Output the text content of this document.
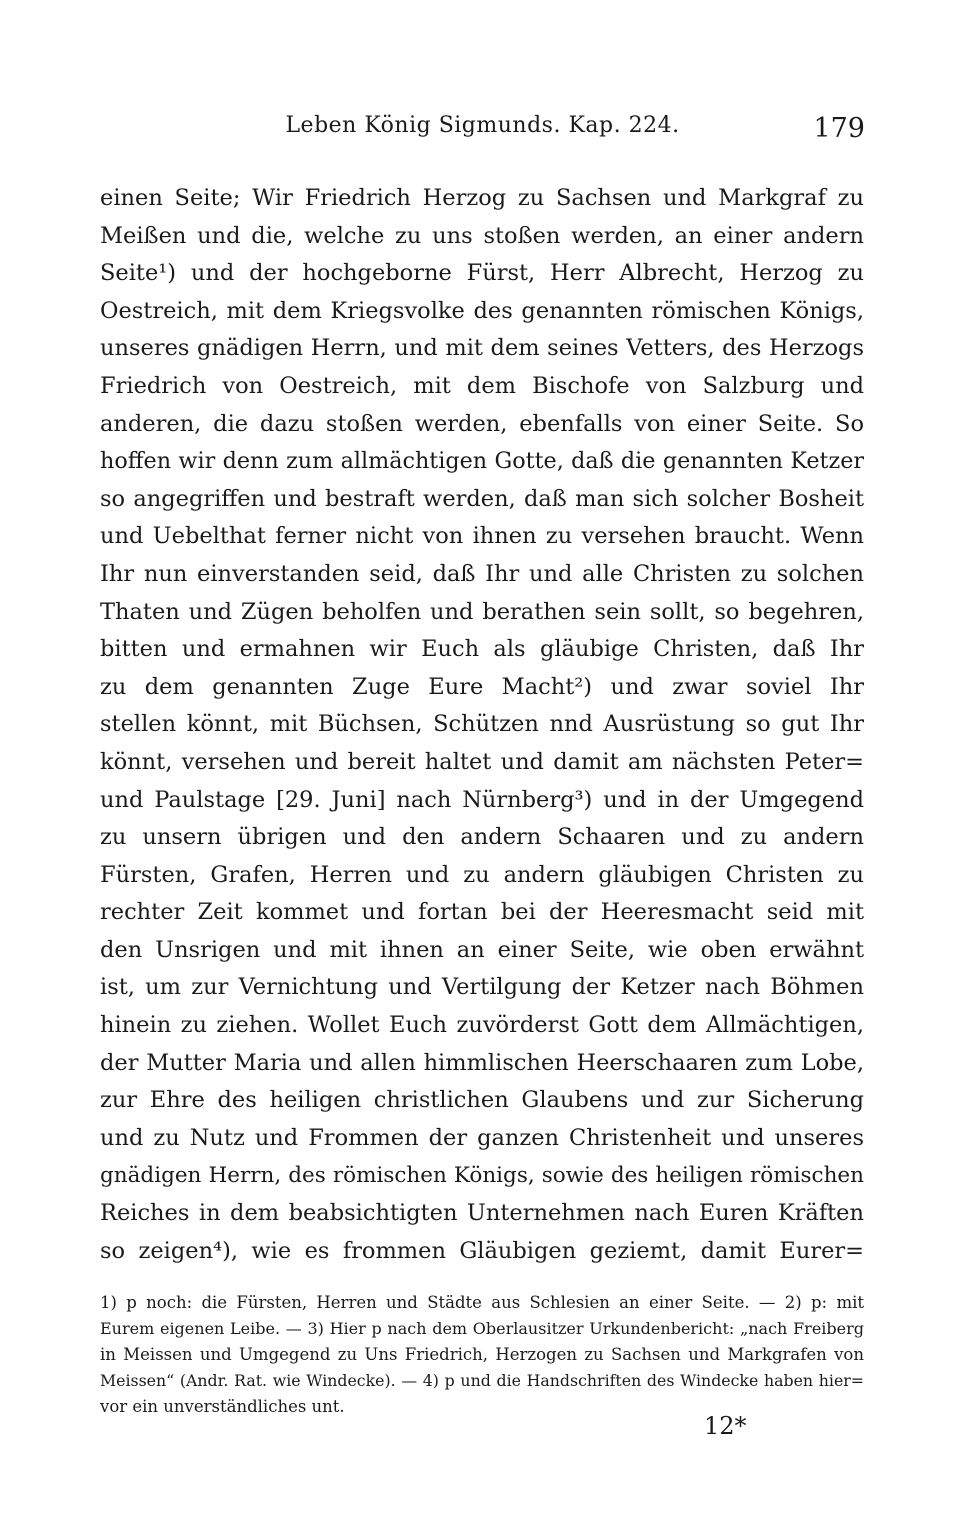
Leben König Sigmunds. Kap. 224.	179
einen Seite; Wir Friedrich Herzog zu Sachsen und Markgraf zu
Meißen und die, welche zu uns stoßen werden, an einer andern
Seite¹) und der hochgeborne Fürst, Herr Albrecht, Herzog zu
Oestreich, mit dem Kriegsvolke des genannten römischen Königs,
unseres gnädigen Herrn, und mit dem seines Vetters, des Herzogs
Friedrich von Oestreich, mit dem Bischofe von Salzburg und
anderen, die dazu stoßen werden, ebenfalls von einer Seite. So
hoffen wir denn zum allmächtigen Gotte, daß die genannten Ketzer
so angegriffen und bestraft werden, daß man sich solcher Bosheit
und Uebelthat ferner nicht von ihnen zu versehen braucht. Wenn
Ihr nun einverstanden seid, daß Ihr und alle Christen zu solchen
Thaten und Zügen beholfen und berathen sein sollt, so begehren,
bitten und ermahnen wir Euch als gläubige Christen, daß Ihr
zu dem genannten Zuge Eure Macht²) und zwar soviel Ihr
stellen könnt, mit Büchsen, Schützen nnd Ausrüstung so gut Ihr
könnt, versehen und bereit haltet und damit am nächsten Peter=
und Paulstage [29. Juni] nach Nürnberg³) und in der Umgegend
zu unsern übrigen und den andern Schaaren und zu andern
Fürsten, Grafen, Herren und zu andern gläubigen Christen zu
rechter Zeit kommet und fortan bei der Heeresmacht seid mit
den Unsrigen und mit ihnen an einer Seite, wie oben erwähnt
ist, um zur Vernichtung und Vertilgung der Ketzer nach Böhmen
hinein zu ziehen. Wollet Euch zuvörderst Gott dem Allmächtigen,
der Mutter Maria und allen himmlischen Heerschaaren zum Lobe,
zur Ehre des heiligen christlichen Glaubens und zur Sicherung
und zu Nutz und Frommen der ganzen Christenheit und unseres
gnädigen Herrn, des römischen Königs, sowie des heiligen römischen
Reiches in dem beabsichtigten Unternehmen nach Euren Kräften
so zeigen⁴), wie es frommen Gläubigen geziemt, damit Eurer=
1) p noch: die Fürsten, Herren und Städte aus Schlesien an einer Seite. — 2) p: mit
Eurem eigenen Leibe. — 3) Hier p nach dem Oberlausitzer Urkundenbericht: „nach Freiberg
in Meissen und Umgegend zu Uns Friedrich, Herzogen zu Sachsen und Markgrafen von
Meissen“ (Andr. Rat. wie Windecke). — 4) p und die Handschriften des Windecke haben hier=
vor ein unverständliches unt.
12*
